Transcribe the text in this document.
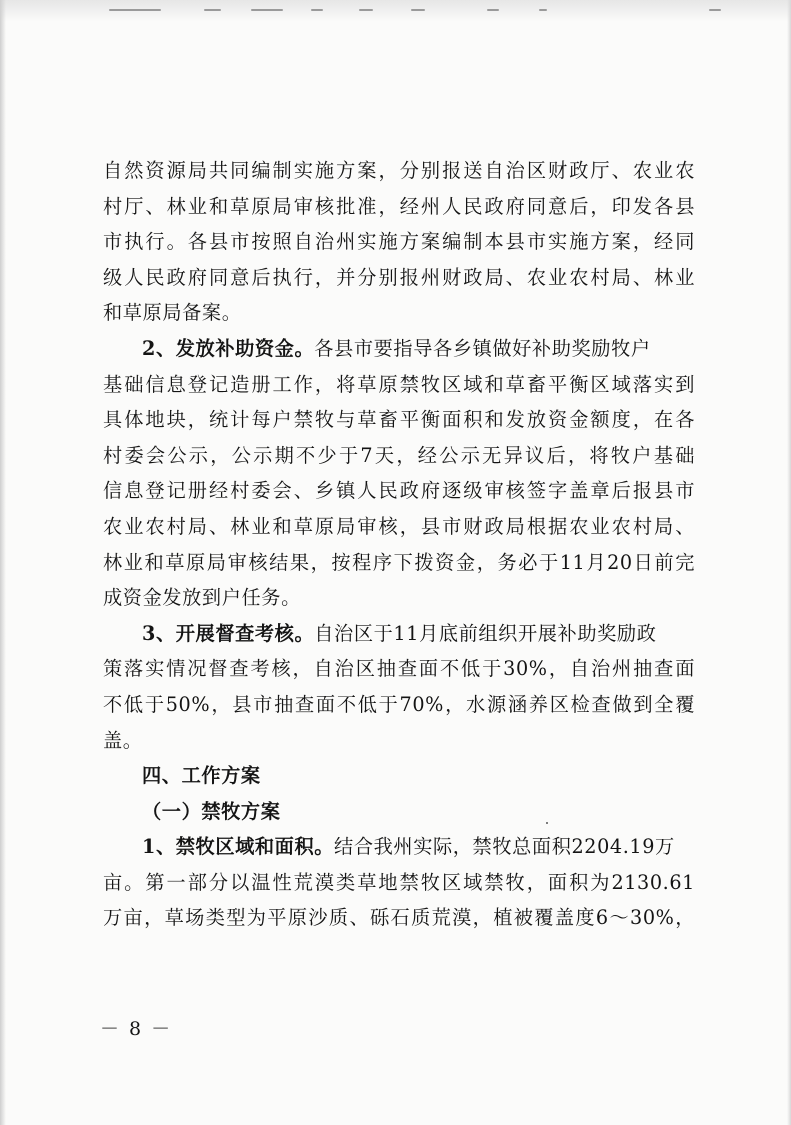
自然资源局共同编制实施方案，分别报送自治区财政厅、农业农
村厅、林业和草原局审核批准，经州人民政府同意后，印发各县
市执行。各县市按照自治州实施方案编制本县市实施方案，经同
级人民政府同意后执行，并分别报州财政局、农业农村局、林业
和草原局备案。
2、发放补助资金。各县市要指导各乡镇做好补助奖励牧户
基础信息登记造册工作，将草原禁牧区域和草畜平衡区域落实到
具体地块，统计每户禁牧与草畜平衡面积和发放资金额度，在各
村委会公示，公示期不少于7天，经公示无异议后，将牧户基础
信息登记册经村委会、乡镇人民政府逐级审核签字盖章后报县市
农业农村局、林业和草原局审核，县市财政局根据农业农村局、
林业和草原局审核结果，按程序下拨资金，务必于11月20日前完
成资金发放到户任务。
3、开展督查考核。自治区于11月底前组织开展补助奖励政
策落实情况督查考核，自治区抽查面不低于30%，自治州抽查面
不低于50%，县市抽查面不低于70%，水源涵养区检查做到全覆
盖。
四、工作方案
（一）禁牧方案
1、禁牧区域和面积。结合我州实际，禁牧总面积2204.19万
亩。第一部分以温性荒漠类草地禁牧区域禁牧，面积为2130.61
万亩，草场类型为平原沙质、砾石质荒漠，植被覆盖度6～30%，
－ 8 －
